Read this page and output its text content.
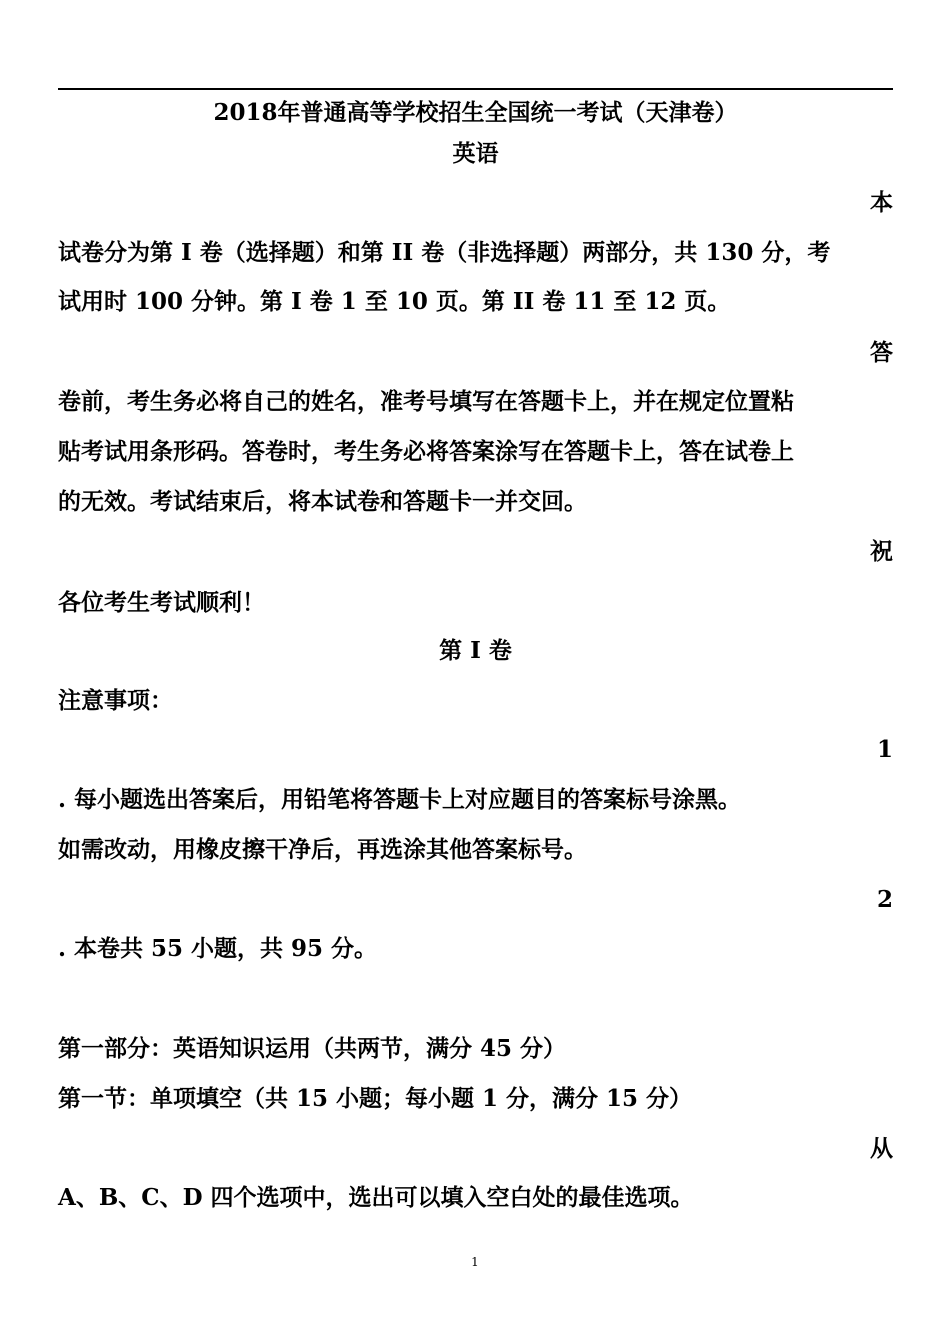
2018年普通高等学校招生全国统一考试（天津卷）
英语
本
试卷分为第 I 卷（选择题）和第 II 卷（非选择题）两部分，共 130 分，考
试用时 100 分钟。第 I 卷 1 至 10 页。第 II 卷 11 至 12 页。
答
卷前，考生务必将自己的姓名，准考号填写在答题卡上，并在规定位置粘
贴考试用条形码。答卷时，考生务必将答案涂写在答题卡上，答在试卷上
的无效。考试结束后，将本试卷和答题卡一并交回。
祝
各位考生考试顺利！
第 I 卷
注意事项：
1
. 每小题选出答案后，用铅笔将答题卡上对应题目的答案标号涂黑。
如需改动，用橡皮擦干净后，再选涂其他答案标号。
2
. 本卷共 55 小题，共 95 分。
第一部分：英语知识运用（共两节，满分 45 分）
第一节：单项填空（共 15 小题；每小题 1 分，满分 15 分）
从
A、B、C、D 四个选项中，选出可以填入空白处的最佳选项。
1
